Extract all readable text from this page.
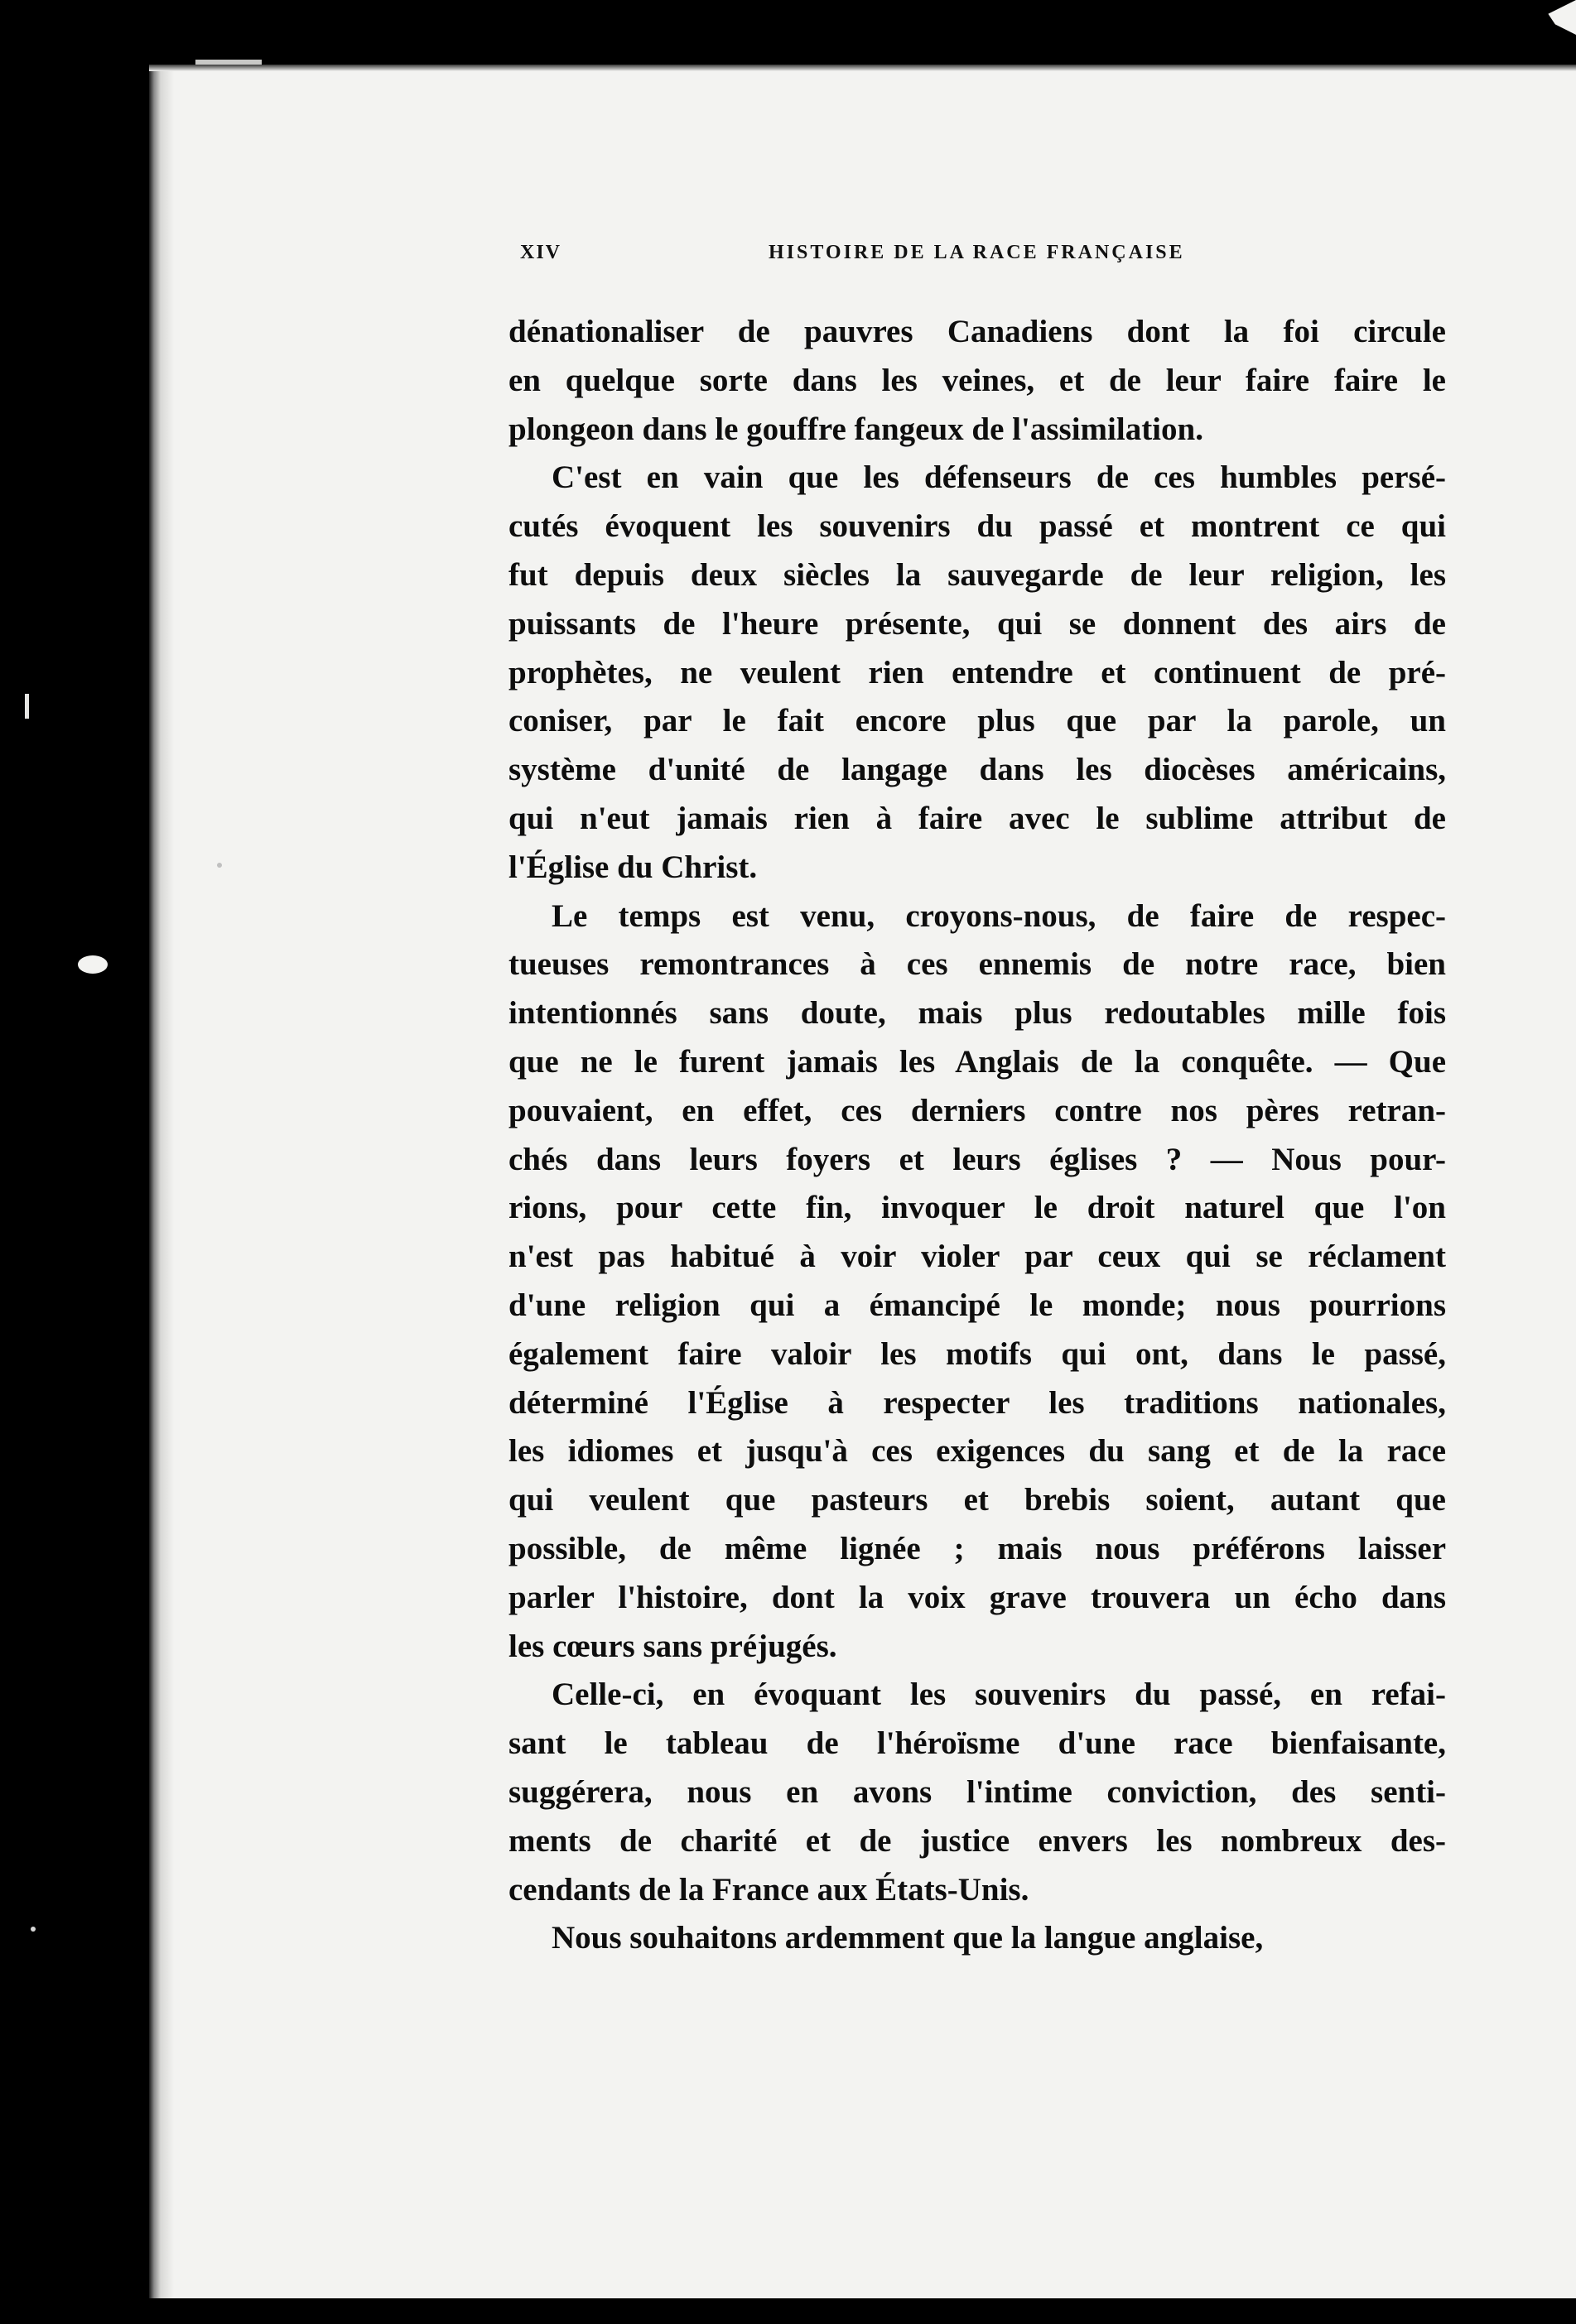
XIV	HISTOIRE DE LA RACE FRANÇAISE
dénationaliser de pauvres Canadiens dont la foi circule
en quelque sorte dans les veines, et de leur faire faire le
plongeon dans le gouffre fangeux de l'assimilation.
C'est en vain que les défenseurs de ces humbles persé-
cutés évoquent les souvenirs du passé et montrent ce qui
fut depuis deux siècles la sauvegarde de leur religion, les
puissants de l'heure présente, qui se donnent des airs de
prophètes, ne veulent rien entendre et continuent de pré-
coniser, par le fait encore plus que par la parole, un
système d'unité de langage dans les diocèses américains,
qui n'eut jamais rien à faire avec le sublime attribut de
l'Église du Christ.
Le temps est venu, croyons-nous, de faire de respec-
tueuses remontrances à ces ennemis de notre race, bien
intentionnés sans doute, mais plus redoutables mille fois
que ne le furent jamais les Anglais de la conquête. — Que
pouvaient, en effet, ces derniers contre nos pères retran-
chés dans leurs foyers et leurs églises ? — Nous pour-
rions, pour cette fin, invoquer le droit naturel que l'on
n'est pas habitué à voir violer par ceux qui se réclament
d'une religion qui a émancipé le monde; nous pourrions
également faire valoir les motifs qui ont, dans le passé,
déterminé l'Église à respecter les traditions nationales,
les idiomes et jusqu'à ces exigences du sang et de la race
qui veulent que pasteurs et brebis soient, autant que
possible, de même lignée ; mais nous préférons laisser
parler l'histoire, dont la voix grave trouvera un écho dans
les cœurs sans préjugés.
Celle-ci, en évoquant les souvenirs du passé, en refai-
sant le tableau de l'héroïsme d'une race bienfaisante,
suggérera, nous en avons l'intime conviction, des senti-
ments de charité et de justice envers les nombreux des-
cendants de la France aux États-Unis.
Nous souhaitons ardemment que la langue anglaise,
